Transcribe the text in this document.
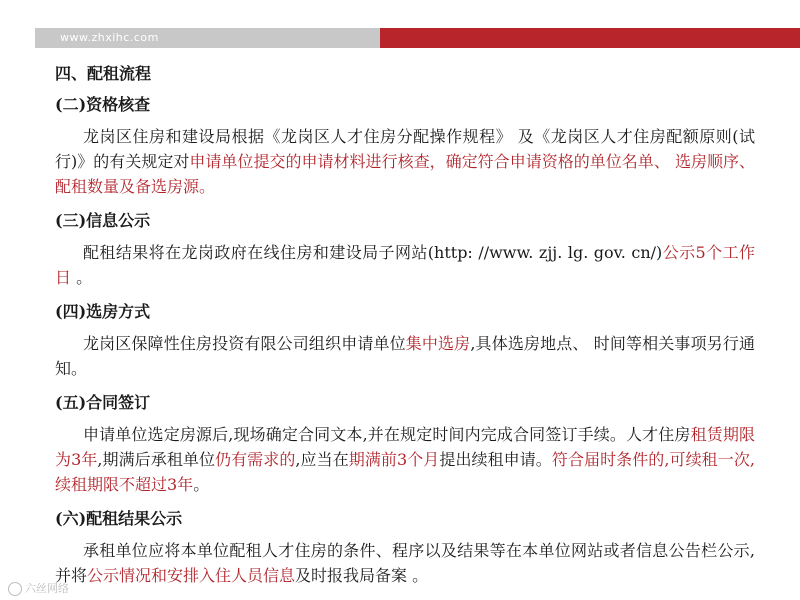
www.zhxihc.com
四、配租流程
(二)资格核查
龙岗区住房和建设局根据《龙岗区人才住房分配操作规程》 及《龙岗区人才住房配额原则(试行)》的有关规定对申请单位提交的申请材料进行核查，确定符合申请资格的单位名单、 选房顺序、 配租数量及备选房源。
(三)信息公示
配租结果将在龙岗政府在线住房和建设局子网站(http: //www. zjj. lg. gov. cn/)公示5个工作日 。
(四)选房方式
龙岗区保障性住房投资有限公司组织申请单位集中选房,具体选房地点、 时间等相关事项另行通知。
(五)合同签订
申请单位选定房源后,现场确定合同文本,并在规定时间内完成合同签订手续。人才住房租赁期限为3年,期满后承租单位仍有需求的,应当在期满前3个月提出续租申请。符合届时条件的,可续租一次,续租期限不超过3年。
(六)配租结果公示
承租单位应将本单位配租人才住房的条件、程序以及结果等在本单位网站或者信息公告栏公示,并将公示情况和安排入住人员信息及时报我局备案 。
六丝网络
